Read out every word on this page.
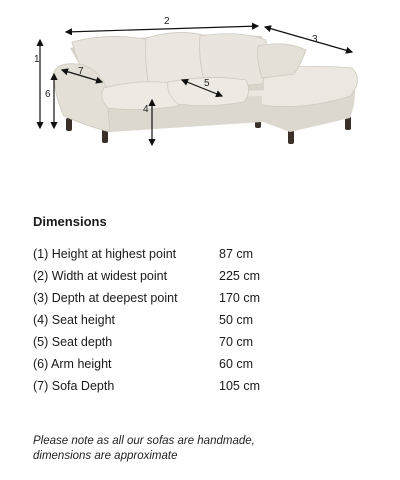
1
2
3
4
5
6
7
Dimensions
(1) Height at highest point	87 cm
(2) Width at widest point	225 cm
(3) Depth at deepest point	170 cm
(4) Seat height	50 cm
(5) Seat depth	70 cm
(6) Arm height	60 cm
(7) Sofa Depth	105 cm
Please note as all our sofas are handmade,
dimensions are approximate
